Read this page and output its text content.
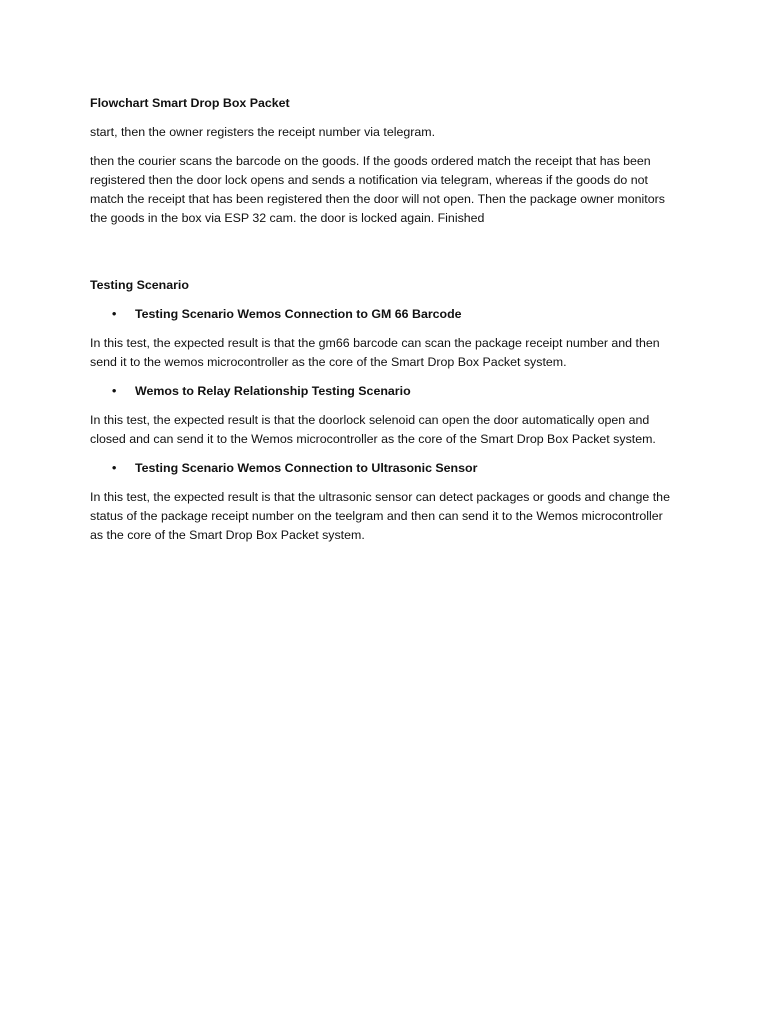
Flowchart Smart Drop Box Packet

start, then the owner registers the receipt number via telegram.

then the courier scans the barcode on the goods. If the goods ordered match the receipt that has been registered then the door lock opens and sends a notification via telegram, whereas if the goods do not match the receipt that has been registered then the door will not open. Then the package owner monitors the goods in the box via ESP 32 cam. the door is locked again. Finished

Testing Scenario
•	Testing Scenario Wemos Connection to GM 66 Barcode

In this test, the expected result is that the gm66 barcode can scan the package receipt number and then send it to the wemos microcontroller as the core of the Smart Drop Box Packet system.

•	Wemos to Relay Relationship Testing Scenario

In this test, the expected result is that the doorlock selenoid can open the door automatically open and closed and can send it to the Wemos microcontroller as the core of the Smart Drop Box Packet system.

•	Testing Scenario Wemos Connection to Ultrasonic Sensor

In this test, the expected result is that the ultrasonic sensor can detect packages or goods and change the status of the package receipt number on the teelgram and then can send it to the Wemos microcontroller as the core of the Smart Drop Box Packet system.
